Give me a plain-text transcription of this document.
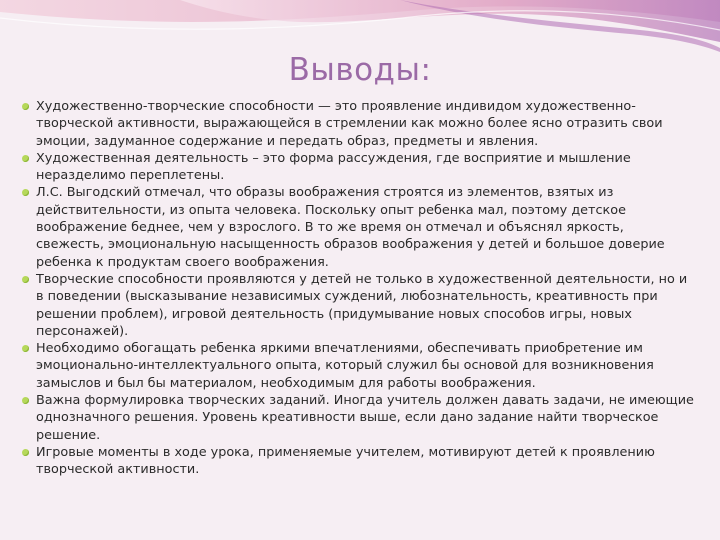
Выводы:
Художественно-творческие способности — это проявление индивидом художественно-творческой активности, выражающейся в стремлении как можно более ясно отразить свои эмоции, задуманное содержание и передать образ, предметы и явления.
Художественная деятельность – это форма рассуждения, где восприятие и мышление неразделимо переплетены.
Л.С. Выгодский отмечал, что образы воображения строятся из элементов, взятых из действительности, из опыта человека. Поскольку опыт ребенка мал, поэтому детское воображение беднее, чем у взрослого. В то же время он отмечал и объяснял яркость, свежесть, эмоциональную насыщенность образов воображения у детей и большое доверие ребенка к продуктам своего воображения.
Творческие способности проявляются у детей не только в художественной деятельности, но и в поведении (высказывание независимых суждений, любознательность, креативность при решении проблем), игровой деятельность (придумывание новых способов игры, новых персонажей).
Необходимо обогащать ребенка яркими впечатлениями, обеспечивать приобретение им эмоционально-интеллектуального опыта, который служил бы основой для возникновения замыслов и был бы материалом, необходимым для работы воображения.
Важна формулировка творческих заданий. Иногда учитель должен давать задачи, не имеющие однозначного решения. Уровень креативности выше, если дано задание найти творческое решение.
Игровые моменты в ходе урока, применяемые учителем, мотивируют детей к проявлению творческой активности.
